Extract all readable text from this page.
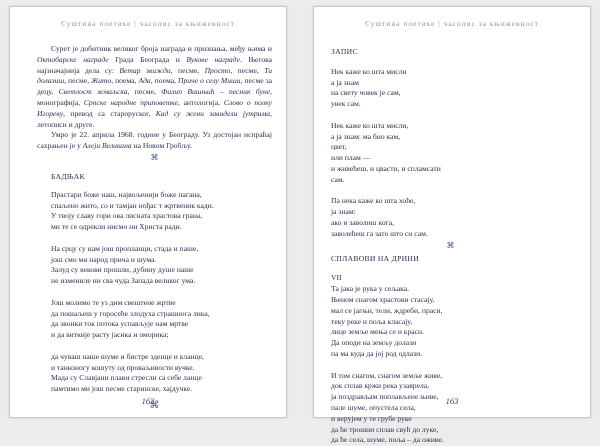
Суштина поетике | часопис за књижевност

Сурет је добитник великог броја награда и признања, међу њима и Октобарске награде Града Београда и Вукове награде. Његова најзначајнија дела су: Ветар звижди, песме, Просто, песме, Ти долазиш, песме, Жито, поема, Ада, поема, Приче о селу Миши, песме за децу, Светлост земаљска, песме, Филип Вишњић – песник буне, монографија, Српске народне приповетке, антологија, Слово о полку Игореву, превод са староруског, Кад су жени завидели јутрима, летописи и друге.

Умро је 22. априла 1968. године у Београду. Уз достојан испраћај сахрањен је у Алеји Великана на Новом Гробљу.

⌘
БАДЊАК
Прастари боже наш, највољенији боже пагана,
спаљено жито, со и тамјан нођас т жртвеник кади.
У твоју славу гори ова лисната храстова грана,
ми те се одрекли нисмо ни Христа ради.
На срцу су нам још пропланци, стада и паше,
још смо ми народ прича и шума.
Залуд су векови прошли, дубину душе наше
не измениле ни сва чуда Запада великог ума.
Још молимо те уз дим свештене жртве
да пошаљеш у горосеће злодуха страшнога лика,
да звонки ток потока успављује нам мртве
и да виткије расту јасика и оморика;
да чуваш наше шуме и бистре зденце и кланце,
и танконогу кошуту од проваљивости вучке.
Мада су Славјани плави стресли са себе ланце
памтимо ми још песме старинске, хајдучке.
⌘
162
Суштина поетике | часопис за књижевност
ЗАПИС
Нек каже ко шта мисли
а ја знам
на свету човек је сам,
увек сам.
Нек каже ко шта мисли,
а ја знам: ма био кам,
цвет,
или плам —
и живећеш, и цвасти, и спламсати
сам.
Па нека каже ко шта хоће,
ја знам:
ако и заволиш кога,
заволећеш га зато што си сам.
⌘
СПЛАВОВИ НА ДРИНИ
VII
Та јака је рука у сељака.
Њеном снагом храстови стасају,
мал се јагњи, тели, ждреби, праси,
теку реке и поља класају,
лице земље мења се и красн.
Да оподи на земљу долази
па ма куда да јој род одлази.
И том снагом, снагом земље живе,
док сплав кржи река узаврела,
ја поздрављам поплављене њиве,
пале шуме, опустела села,
и верујем у те грубе руке
да ће трошни сплав свућ до луке,
да ће села, шуме, поља – да оживе.
163
